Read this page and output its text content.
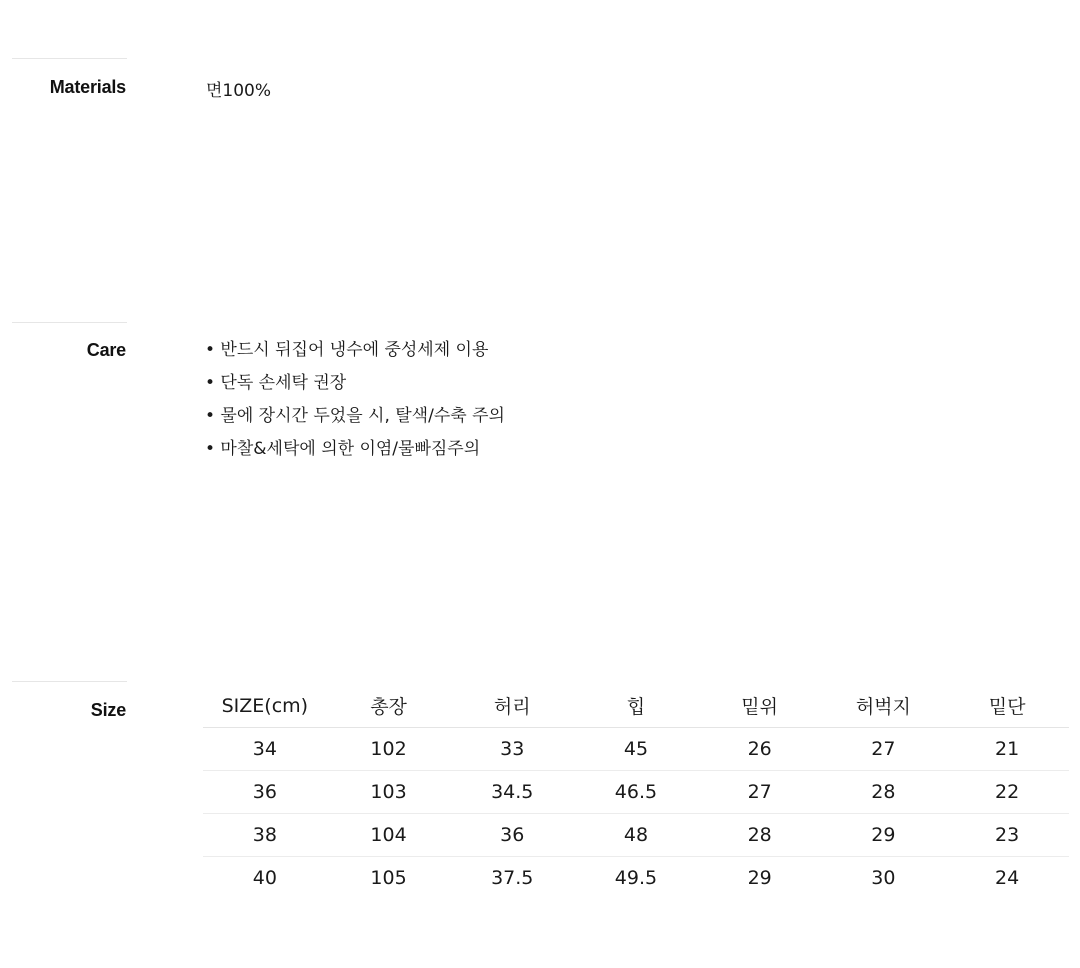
Materials	면100%
Care	• 반드시 뒤집어 냉수에 중성세제 이용
• 단독 손세탁 권장
• 물에 장시간 두었을 시, 탈색/수축 주의
• 마찰&세탁에 의한 이염/물빠짐주의
Size	SIZE(cm)	총장	허리	힙	밑위	허벅지	밑단
34	102	33	45	26	27	21
36	103	34.5	46.5	27	28	22
38	104	36	48	28	29	23
40	105	37.5	49.5	29	30	24
